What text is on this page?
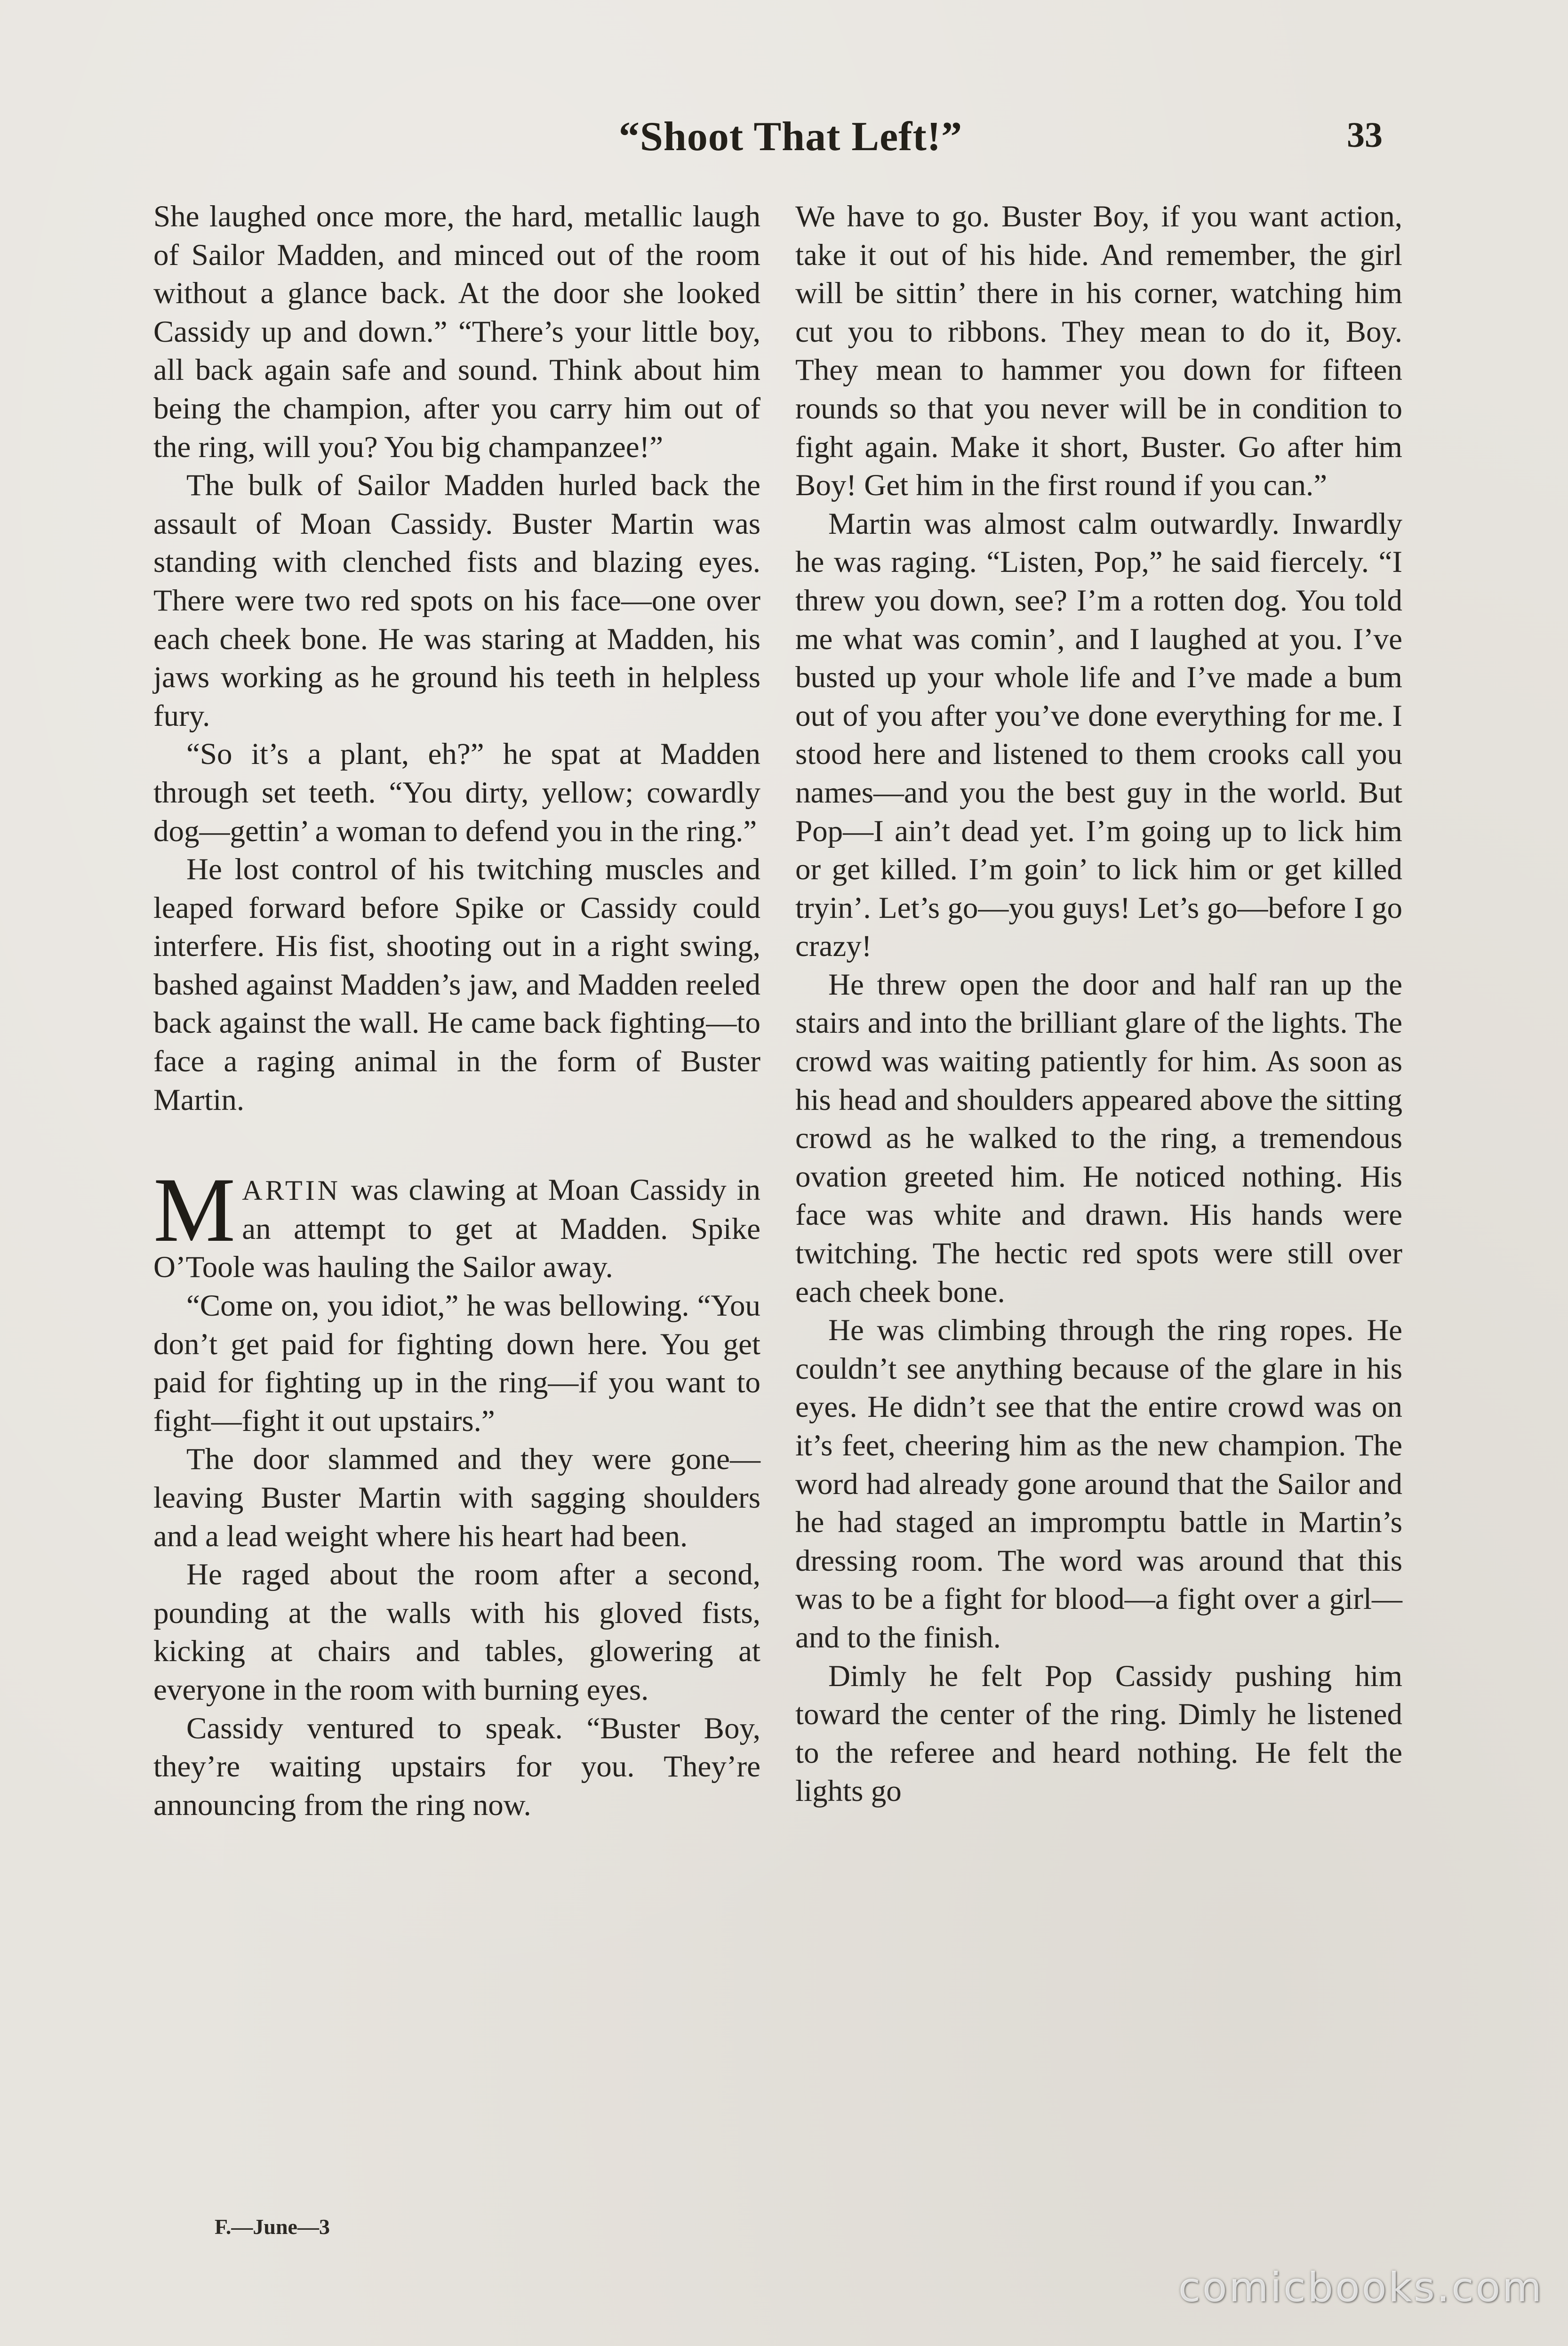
“Shoot That Left!”	33

She laughed once more, the hard, metallic laugh of Sailor Madden, and minced out of the room without a glance back. At the door she looked Cassidy up and down.” “There’s your little boy, all back again safe and sound. Think about him being the champion, after you carry him out of the ring, will you? You big champanzee!”

The bulk of Sailor Madden hurled back the assault of Moan Cassidy. Buster Martin was standing with clenched fists and blazing eyes. There were two red spots on his face—one over each cheek bone. He was staring at Madden, his jaws working as he ground his teeth in helpless fury.

“So it’s a plant, eh?” he spat at Madden through set teeth. “You dirty, yellow; cowardly dog—gettin’ a woman to defend you in the ring.”

He lost control of his twitching muscles and leaped forward before Spike or Cassidy could interfere. His fist, shooting out in a right swing, bashed against Madden’s jaw, and Madden reeled back against the wall. He came back fighting—to face a raging animal in the form of Buster Martin.

MARTIN was clawing at Moan Cassidy in an attempt to get at Madden. Spike O’Toole was hauling the Sailor away.

“Come on, you idiot,” he was bellowing. “You don’t get paid for fighting down here. You get paid for fighting up in the ring—if you want to fight—fight it out upstairs.”

The door slammed and they were gone—leaving Buster Martin with sagging shoulders and a lead weight where his heart had been.

He raged about the room after a second, pounding at the walls with his gloved fists, kicking at chairs and tables, glowering at everyone in the room with burning eyes.

Cassidy ventured to speak. “Buster Boy, they’re waiting upstairs for you. They’re announcing from the ring now.

We have to go. Buster Boy, if you want action, take it out of his hide. And remember, the girl will be sittin’ there in his corner, watching him cut you to ribbons. They mean to do it, Boy. They mean to hammer you down for fifteen rounds so that you never will be in condition to fight again. Make it short, Buster. Go after him Boy! Get him in the first round if you can.”

Martin was almost calm outwardly. Inwardly he was raging. “Listen, Pop,” he said fiercely. “I threw you down, see? I’m a rotten dog. You told me what was comin’, and I laughed at you. I’ve busted up your whole life and I’ve made a bum out of you after you’ve done everything for me. I stood here and listened to them crooks call you names—and you the best guy in the world. But Pop—I ain’t dead yet. I’m going up to lick him or get killed. I’m goin’ to lick him or get killed tryin’. Let’s go—you guys! Let’s go—before I go crazy!

He threw open the door and half ran up the stairs and into the brilliant glare of the lights. The crowd was waiting patiently for him. As soon as his head and shoulders appeared above the sitting crowd as he walked to the ring, a tremendous ovation greeted him. He noticed nothing. His face was white and drawn. His hands were twitching. The hectic red spots were still over each cheek bone.

He was climbing through the ring ropes. He couldn’t see anything because of the glare in his eyes. He didn’t see that the entire crowd was on it’s feet, cheering him as the new champion. The word had already gone around that the Sailor and he had staged an impromptu battle in Martin’s dressing room. The word was around that this was to be a fight for blood—a fight over a girl—and to the finish.

Dimly he felt Pop Cassidy pushing him toward the center of the ring. Dimly he listened to the referee and heard nothing. He felt the lights go

F.—June—3
comicbooks.com
